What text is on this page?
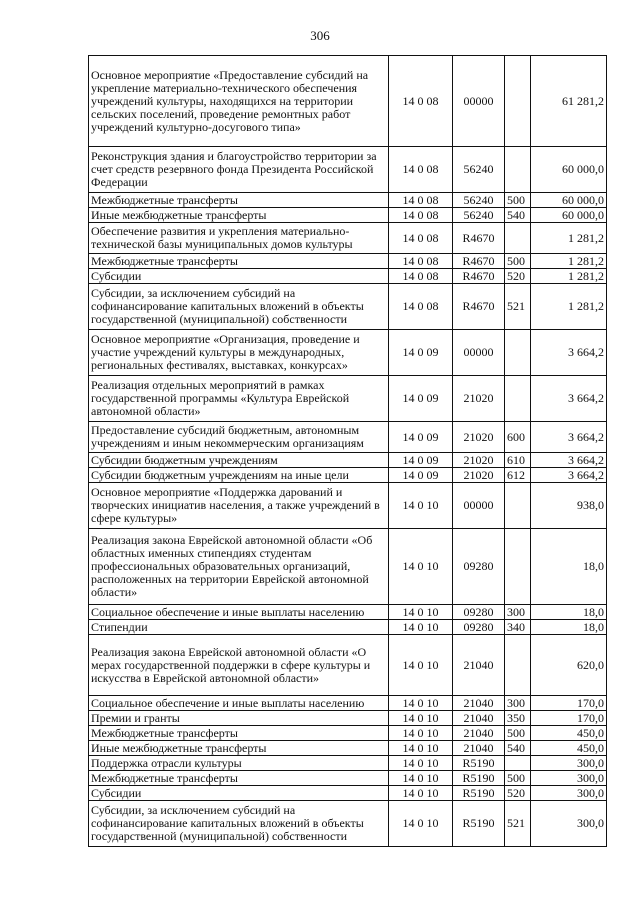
306
Основное мероприятие «Предоставление субсидий на укрепление материально-технического обеспечения учреждений культуры, находящихся на территории сельских поселений, проведение ремонтных работ учреждений культурно-досугового типа»	14 0 08	00000		61 281,2
Реконструкция здания и благоустройство территории за счет средств резервного фонда Президента Российской Федерации	14 0 08	56240		60 000,0
Межбюджетные трансферты	14 0 08	56240	500	60 000,0
Иные межбюджетные трансферты	14 0 08	56240	540	60 000,0
Обеспечение развития и укрепления материально-технической базы муниципальных домов культуры	14 0 08	R4670		1 281,2
Межбюджетные трансферты	14 0 08	R4670	500	1 281,2
Субсидии	14 0 08	R4670	520	1 281,2
Субсидии, за исключением субсидий на софинансирование капитальных вложений в объекты государственной (муниципальной) собственности	14 0 08	R4670	521	1 281,2
Основное мероприятие «Организация, проведение и участие учреждений культуры в международных, региональных фестивалях, выставках, конкурсах»	14 0 09	00000		3 664,2
Реализация отдельных мероприятий в рамках государственной программы «Культура Еврейской автономной области»	14 0 09	21020		3 664,2
Предоставление субсидий бюджетным, автономным учреждениям и иным некоммерческим организациям	14 0 09	21020	600	3 664,2
Субсидии бюджетным учреждениям	14 0 09	21020	610	3 664,2
Субсидии бюджетным учреждениям на иные цели	14 0 09	21020	612	3 664,2
Основное мероприятие «Поддержка дарований и творческих инициатив населения, а также учреждений в сфере культуры»	14 0 10	00000		938,0
Реализация закона Еврейской автономной области «Об областных именных стипендиях студентам профессиональных образовательных организаций, расположенных на территории Еврейской автономной области»	14 0 10	09280		18,0
Социальное обеспечение и иные выплаты населению	14 0 10	09280	300	18,0
Стипендии	14 0 10	09280	340	18,0
Реализация закона Еврейской автономной области «О мерах государственной поддержки в сфере культуры и искусства в Еврейской автономной области»	14 0 10	21040		620,0
Социальное обеспечение и иные выплаты населению	14 0 10	21040	300	170,0
Премии и гранты	14 0 10	21040	350	170,0
Межбюджетные трансферты	14 0 10	21040	500	450,0
Иные межбюджетные трансферты	14 0 10	21040	540	450,0
Поддержка отрасли культуры	14 0 10	R5190		300,0
Межбюджетные трансферты	14 0 10	R5190	500	300,0
Субсидии	14 0 10	R5190	520	300,0
Субсидии, за исключением субсидий на софинансирование капитальных вложений в объекты государственной (муниципальной) собственности	14 0 10	R5190	521	300,0
